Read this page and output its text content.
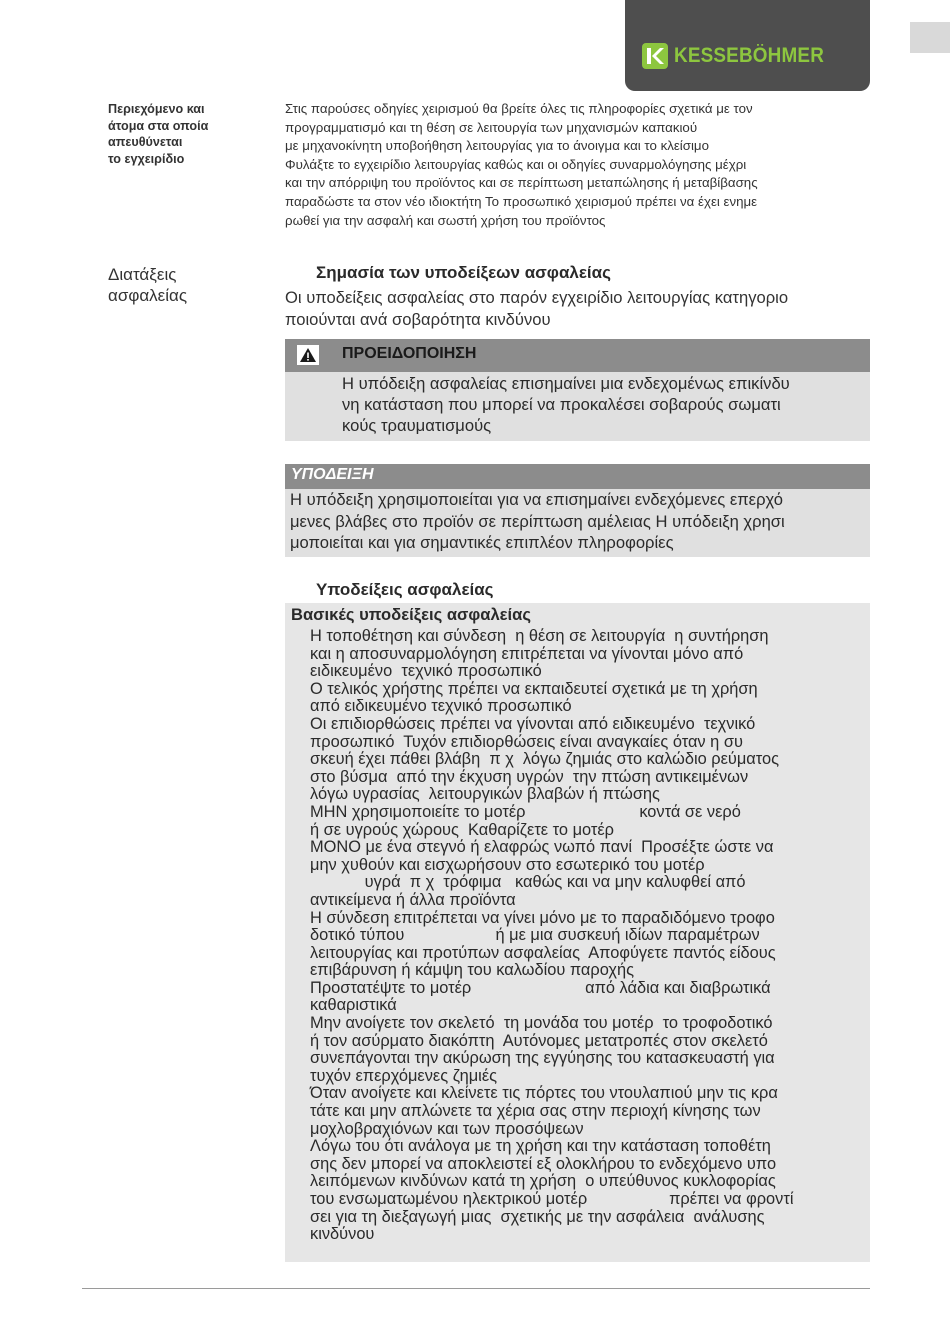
KESSEBÖHMER
Περιεχόμενο και
άτομα στα οποία
απευθύνεται
το εγχειρίδιο
Στις παρούσες οδηγίες χειρισμού θα βρείτε όλες τις πληροφορίες σχετικά με τον
προγραμματισμό και τη θέση σε λειτουργία των μηχανισμών καπακιού
με μηχανοκίνητη υποβοήθηση λειτουργίας για το άνοιγμα και το κλείσιμο
Φυλάξτε το εγχειρίδιο λειτουργίας καθώς και οι οδηγίες συναρμολόγησης μέχρι
και την απόρριψη του προϊόντος και σε περίπτωση μεταπώλησης ή μεταβίβασης
παραδώστε τα στον νέο ιδιοκτήτη Το προσωπικό χειρισμού πρέπει να έχει ενημε
ρωθεί για την ασφαλή και σωστή χρήση του προϊόντος
Διατάξεις
ασφαλείας
Σημασία των υποδείξεων ασφαλείας
Οι υποδείξεις ασφαλείας στο παρόν εγχειρίδιο λειτουργίας κατηγοριο
ποιούνται ανά σοβαρότητα κινδύνου
ΠΡΟΕΙΔΟΠΟΙΗΣΗ
Η υπόδειξη ασφαλείας επισημαίνει μια ενδεχομένως επικίνδυ
νη κατάσταση που μπορεί να προκαλέσει σοβαρούς σωματι
κούς τραυματισμούς
ΥΠΟΔΕΙΞΗ
Η υπόδειξη χρησιμοποιείται για να επισημαίνει ενδεχόμενες επερχό
μενες βλάβες στο προϊόν σε περίπτωση αμέλειας Η υπόδειξη χρησι
μοποιείται και για σημαντικές επιπλέον πληροφορίες
Υποδείξεις ασφαλείας
Βασικές υποδείξεις ασφαλείας
Η τοποθέτηση και σύνδεση  η θέση σε λειτουργία  η συντήρηση
και η αποσυναρμολόγηση επιτρέπεται να γίνονται μόνο από
ειδικευμένο  τεχνικό προσωπικό
Ο τελικός χρήστης πρέπει να εκπαιδευτεί σχετικά με τη χρήση
από ειδικευμένο τεχνικό προσωπικό
Οι επιδιορθώσεις πρέπει να γίνονται από ειδικευμένο  τεχνικό
προσωπικό  Τυχόν επιδιορθώσεις είναι αναγκαίες όταν η συ
σκευή έχει πάθει βλάβη  π χ  λόγω ζημιάς στο καλώδιο ρεύματος
στο βύσμα  από την έκχυση υγρών  την πτώση αντικειμένων
λόγω υγρασίας  λειτουργικών βλαβών ή πτώσης
ΜΗΝ χρησιμοποιείτε το μοτέρ                         κοντά σε νερό
ή σε υγρούς χώρους  Καθαρίζετε το μοτέρ
ΜΟΝΟ με ένα στεγνό ή ελαφρώς νωπό πανί  Προσέξτε ώστε να
μην χυθούν και εισχωρήσουν στο εσωτερικό του μοτέρ
υγρά  π χ  τρόφιμα   καθώς και να μην καλυφθεί από
αντικείμενα ή άλλα προϊόντα
Η σύνδεση επιτρέπεται να γίνει μόνο με το παραδιδόμενο τροφο
δοτικό τύπου                    ή με μια συσκευή ιδίων παραμέτρων
λειτουργίας και προτύπων ασφαλείας  Αποφύγετε παντός είδους
επιβάρυνση ή κάμψη του καλωδίου παροχής
Προστατέψτε το μοτέρ                         από λάδια και διαβρωτικά
καθαριστικά
Μην ανοίγετε τον σκελετό  τη μονάδα του μοτέρ  το τροφοδοτικό
ή τον ασύρματο διακόπτη  Αυτόνομες μετατροπές στον σκελετό
συνεπάγονται την ακύρωση της εγγύησης του κατασκευαστή για
τυχόν επερχόμενες ζημιές
Όταν ανοίγετε και κλείνετε τις πόρτες του ντουλαπιού μην τις κρα
τάτε και μην απλώνετε τα χέρια σας στην περιοχή κίνησης των
μοχλοβραχιόνων και των προσόψεων
Λόγω του ότι ανάλογα με τη χρήση και την κατάσταση τοποθέτη
σης δεν μπορεί να αποκλειστεί εξ ολοκλήρου το ενδεχόμενο υπο
λειπόμενων κινδύνων κατά τη χρήση  ο υπεύθυνος κυκλοφορίας
του ενσωματωμένου ηλεκτρικού μοτέρ                  πρέπει να φροντί
σει για τη διεξαγωγή μιας  σχετικής με την ασφάλεια  ανάλυσης
κινδύνου
